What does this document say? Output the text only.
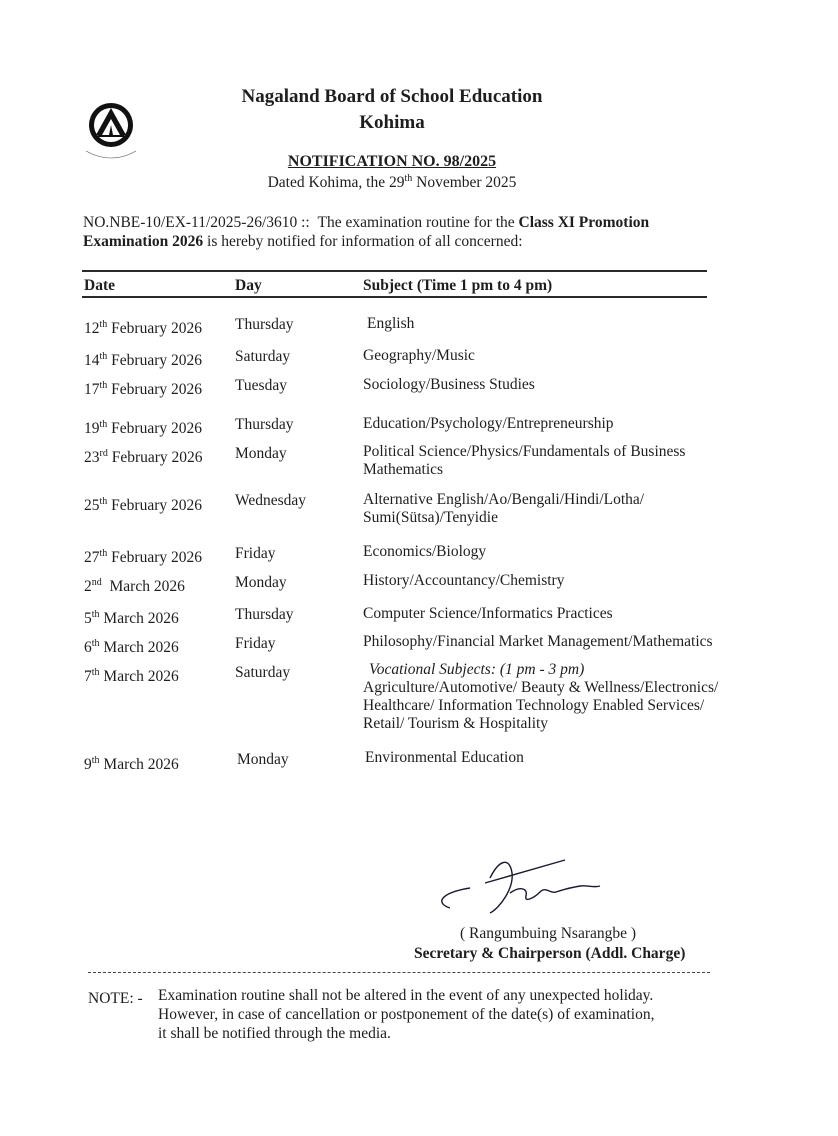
Nagaland Board of School Education
Kohima
NOTIFICATION NO. 98/2025
Dated Kohima, the 29th November 2025
NO.NBE-10/EX-11/2025-26/3610 :: The examination routine for the Class XI Promotion Examination 2026 is hereby notified for information of all concerned:
Date	Day	Subject (Time 1 pm to 4 pm)
12th February 2026 Thursday	English
14th February 2026 Saturday	Geography/Music
17th February 2026 Tuesday	Sociology/Business Studies
19th February 2026 Thursday	Education/Psychology/Entrepreneurship
23rd February 2026 Monday	Political Science/Physics/Fundamentals of Business
Mathematics
25th February 2026 Wednesday	Alternative English/Ao/Bengali/Hindi/Lotha/
Sumi(Sütsa)/Tenyidie
27th February 2026 Friday	Economics/Biology
2nd  March 2026	Monday	History/Accountancy/Chemistry
5th March 2026	Thursday	Computer Science/Informatics Practices
6th March 2026	Friday	Philosophy/Financial Market Management/Mathematics
7th March 2026	Saturday	Vocational Subjects: (1 pm - 3 pm)
Agriculture/Automotive/ Beauty & Wellness/Electronics/
Healthcare/ Information Technology Enabled Services/
Retail/ Tourism & Hospitality
9th March 2026	Monday	Environmental Education
( Rangumbuing Nsarangbe )
Secretary & Chairperson (Addl. Charge)
NOTE: - Examination routine shall not be altered in the event of any unexpected holiday.
However, in case of cancellation or postponement of the date(s) of examination,
it shall be notified through the media.
